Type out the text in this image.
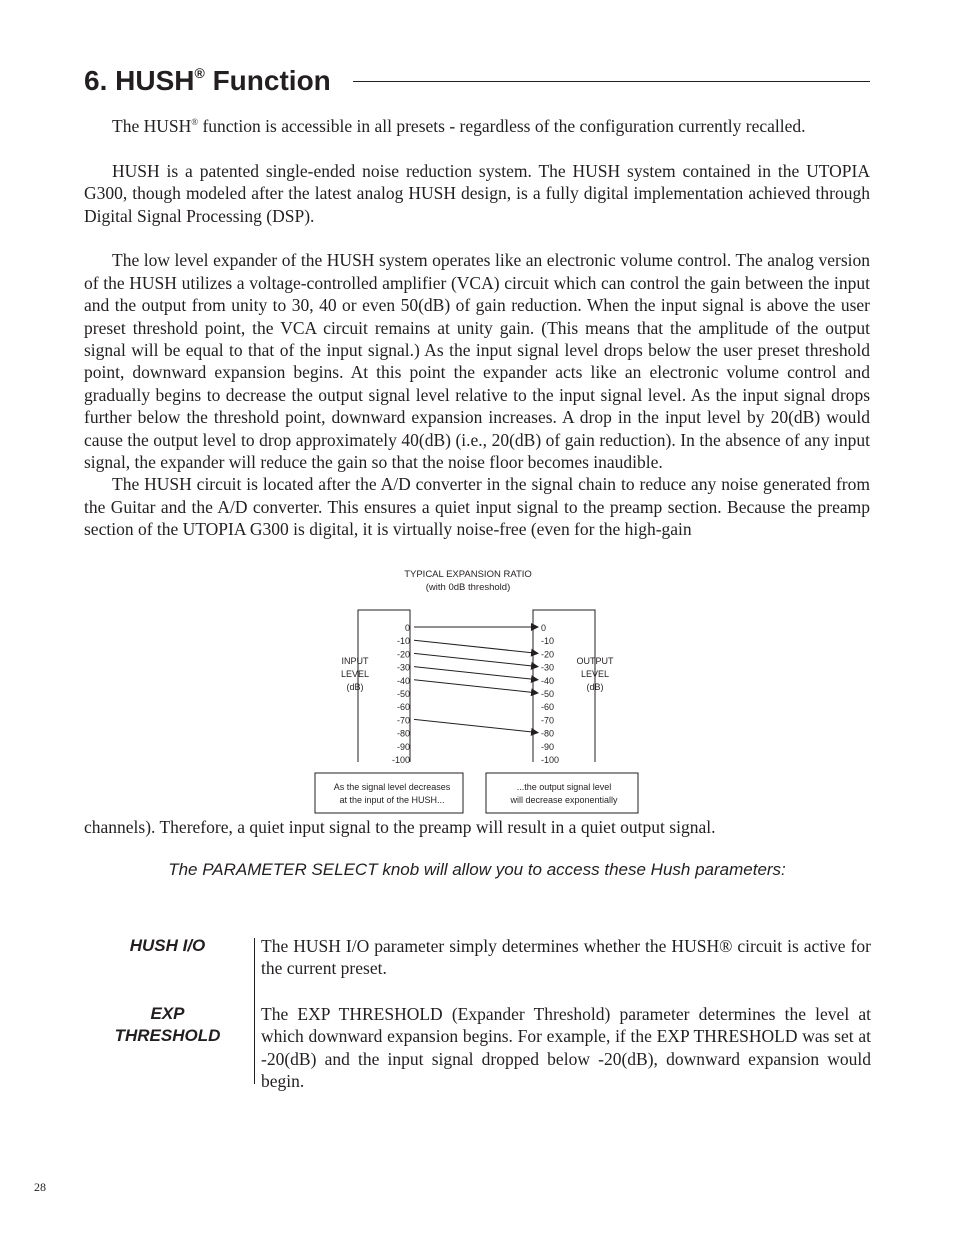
6. HUSH® Function

The HUSH® function is accessible in all presets - regardless of the configuration currently recalled.

HUSH is a patented single-ended noise reduction system. The HUSH system contained in the UTOPIA G300, though modeled after the latest analog HUSH design, is a fully digital implementation achieved through Digital Signal Processing (DSP).

The low level expander of the HUSH system operates like an electronic volume control. The analog version of the HUSH utilizes a voltage-controlled amplifier (VCA) circuit which can control the gain between the input and the output from unity to 30, 40 or even 50(dB) of gain reduction. When the input signal is above the user preset threshold point, the VCA circuit remains at unity gain. (This means that the amplitude of the output signal will be equal to that of the input signal.) As the input signal level drops below the user preset threshold point, downward expansion begins. At this point the expander acts like an electronic volume control and gradually begins to decrease the output signal level relative to the input signal level. As the input signal drops further below the threshold point, downward expansion increases. A drop in the input level by 20(dB) would cause the output level to drop approximately 40(dB) (i.e., 20(dB) of gain reduction). In the absence of any input signal, the expander will reduce the gain so that the noise floor becomes inaudible.

The HUSH circuit is located after the A/D converter in the signal chain to reduce any noise generated from the Guitar and the A/D converter. This ensures a quiet input signal to the preamp section. Because the preamp section of the UTOPIA G300 is digital, it is virtually noise-free (even for the high-gain

TYPICAL EXPANSION RATIO
(with 0dB threshold)
INPUT
LEVEL
(dB)
OUTPUT
LEVEL
(dB)
0
-10
-20
-30
-40
-50
-60
-70
-80
-90
-100
0
-10
-20
-30
-40
-50
-60
-70
-80
-90
-100
As the signal level decreases
at the input of the HUSH...
...the output signal level
will decrease exponentially

channels). Therefore, a quiet input signal to the preamp will result in a quiet output signal.

The PARAMETER SELECT knob will allow you to access these Hush parameters:
HUSH I/O
EXP
THRESHOLD

The HUSH I/O parameter simply determines whether the HUSH® circuit is active for the current preset.

The EXP THRESHOLD (Expander Threshold) parameter determines the level at which downward expansion begins. For example, if the EXP THRESHOLD was set at -20(dB) and the input signal dropped below -20(dB), downward expansion would begin.

28
